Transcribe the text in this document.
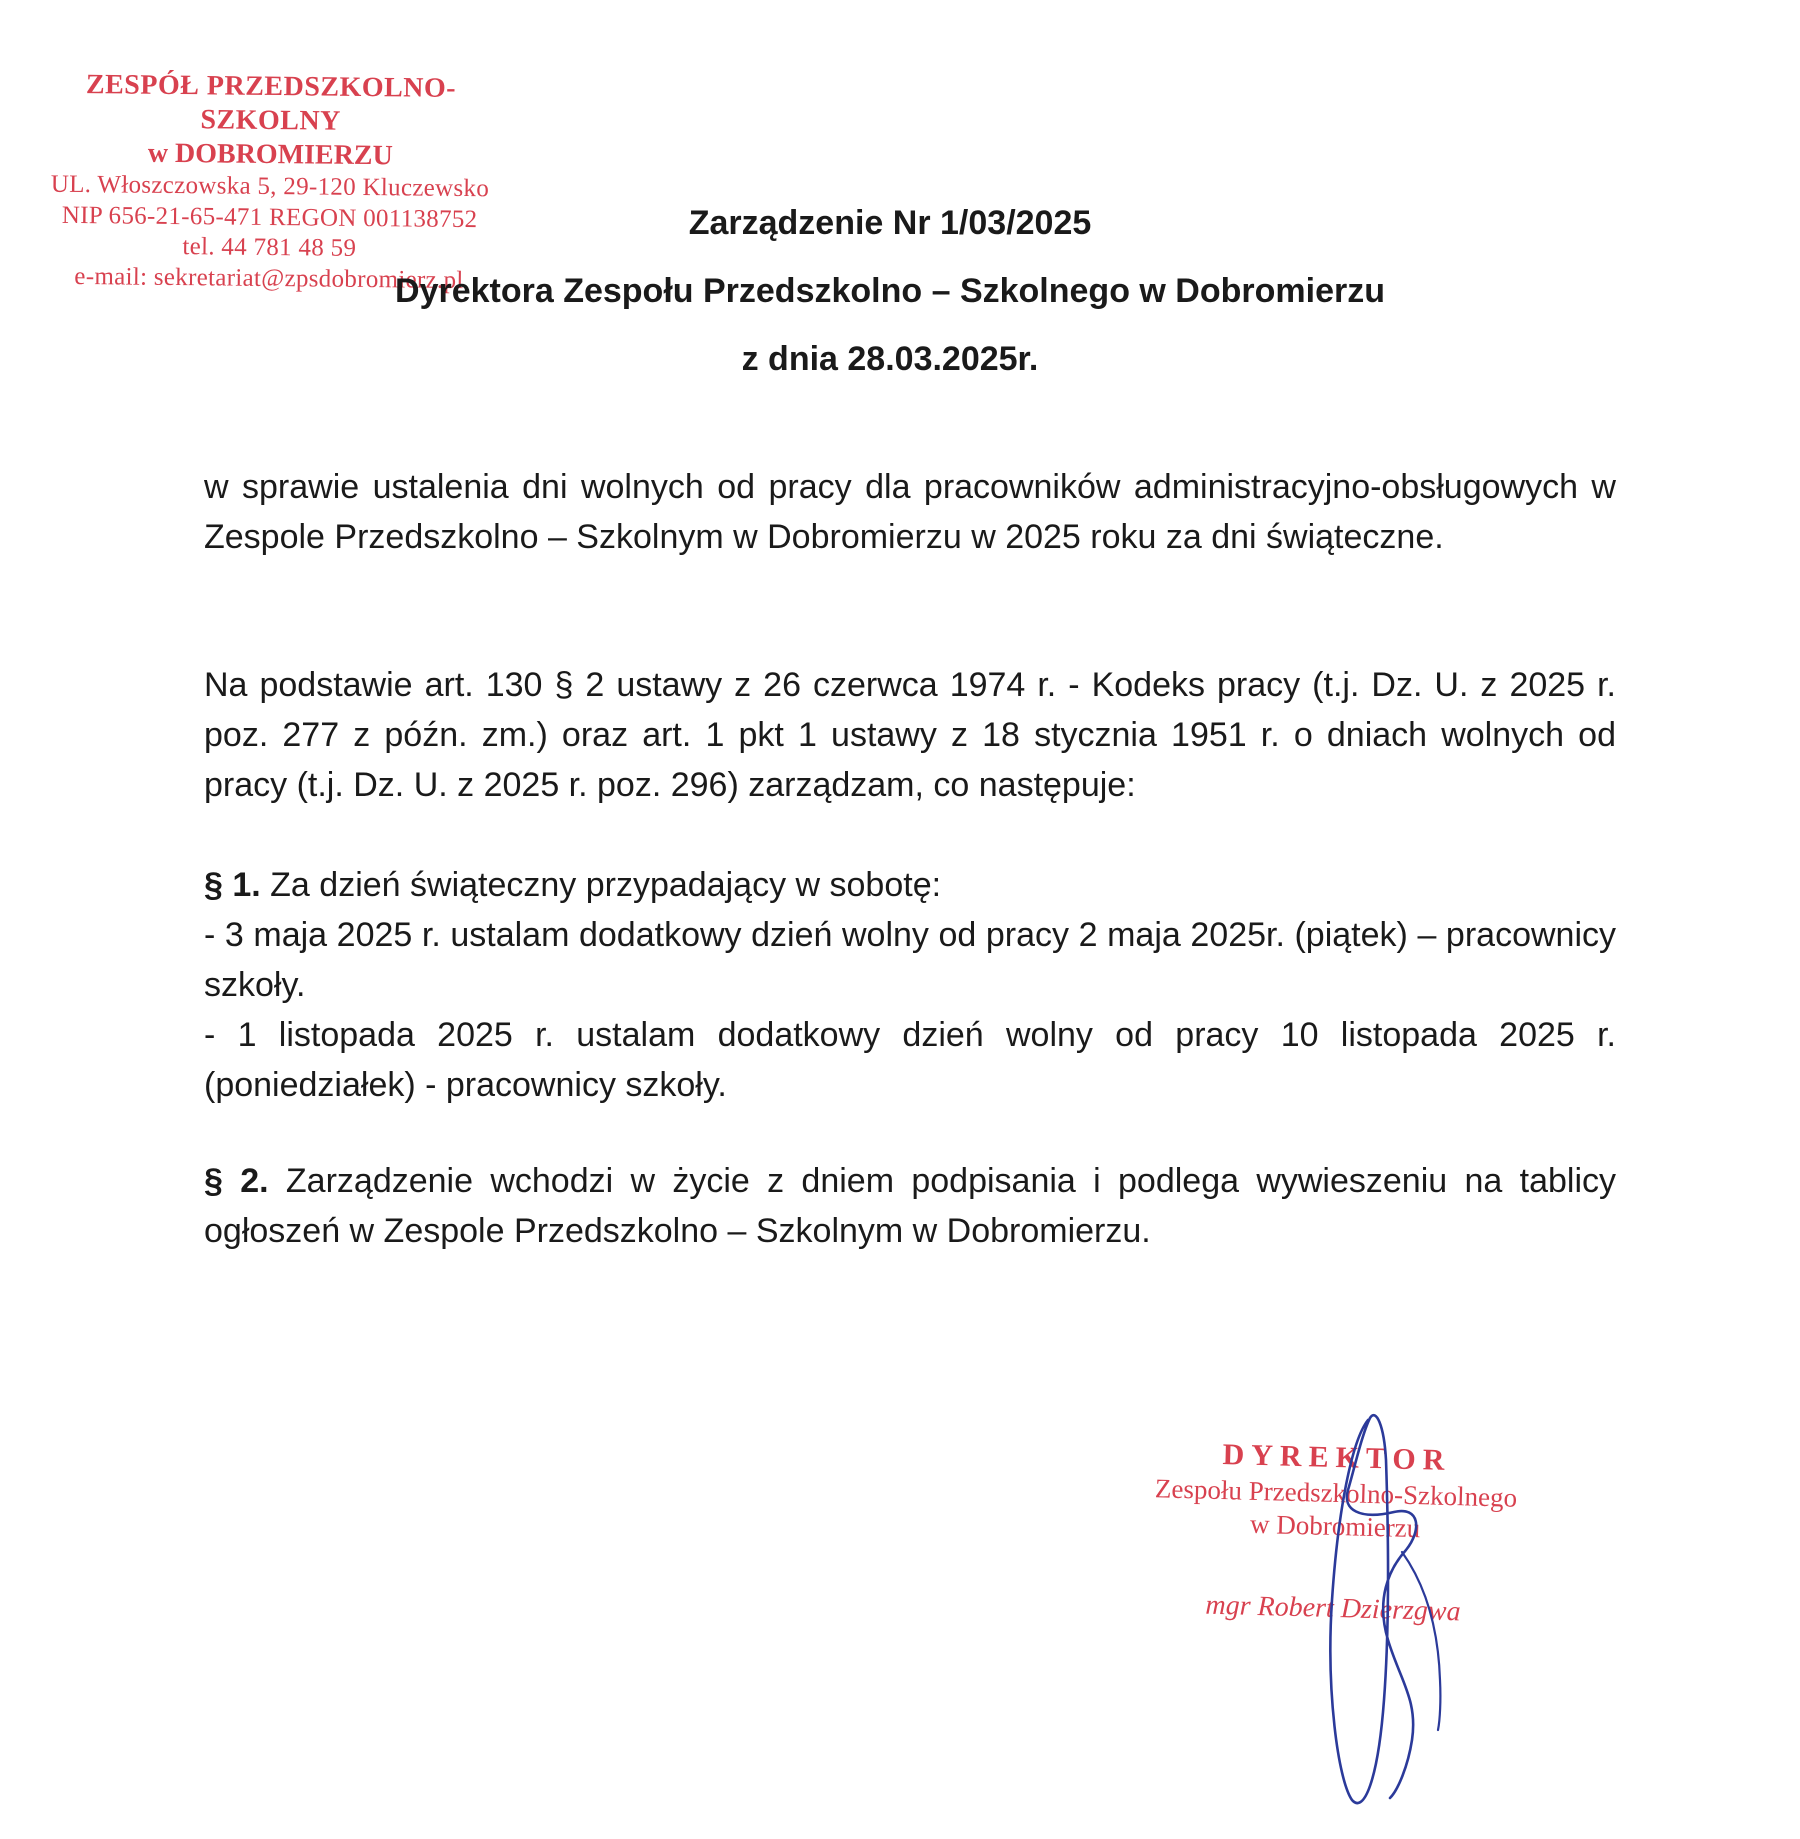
ZESPÓŁ PRZEDSZKOLNO-SZKOLNY
w DOBROMIERZU
UL. Włoszczowska 5, 29-120 Kluczewsko
NIP 656-21-65-471 REGON 001138752
tel. 44 781 48 59
e-mail: sekretariat@zpsdobromierz.pl
Zarządzenie Nr 1/03/2025
Dyrektora Zespołu Przedszkolno – Szkolnego w Dobromierzu
z dnia 28.03.2025r.
w sprawie ustalenia dni wolnych od pracy dla pracowników administracyjno-obsługowych w Zespole Przedszkolno – Szkolnym w Dobromierzu w 2025 roku za dni świąteczne.
Na podstawie art. 130 § 2 ustawy z 26 czerwca 1974 r. - Kodeks pracy (t.j. Dz. U. z 2025 r. poz. 277 z późn. zm.) oraz art. 1 pkt 1 ustawy z 18 stycznia 1951 r. o dniach wolnych od pracy (t.j. Dz. U. z 2025 r. poz. 296) zarządzam, co następuje:
§ 1. Za dzień świąteczny przypadający w sobotę:
- 3 maja 2025 r. ustalam dodatkowy dzień wolny od pracy 2 maja 2025r. (piątek) – pracownicy szkoły.
- 1 listopada 2025 r. ustalam dodatkowy dzień wolny od pracy 10 listopada 2025 r. (poniedziałek) - pracownicy szkoły.
§ 2. Zarządzenie wchodzi w życie z dniem podpisania i podlega wywieszeniu na tablicy ogłoszeń w Zespole Przedszkolno – Szkolnym w Dobromierzu.
DYREKTOR
Zespołu Przedszkolno-Szkolnego
w Dobromierzu
mgr Robert Dzierzgwa
